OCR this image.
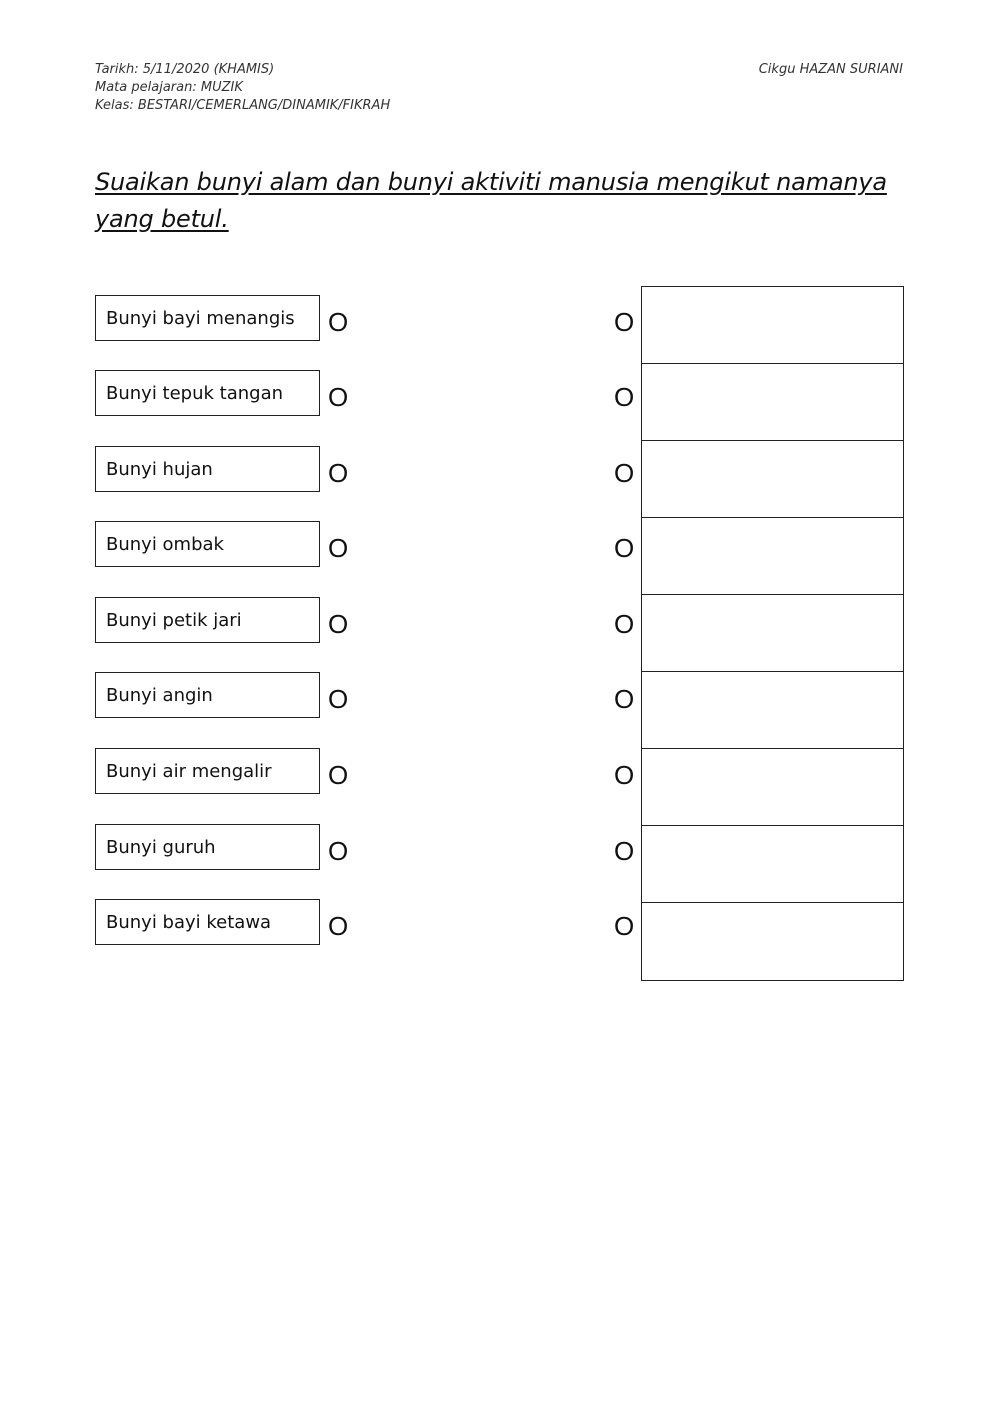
Tarikh: 5/11/2020 (KHAMIS)
Mata pelajaran: MUZIK
Kelas: BESTARI/CEMERLANG/DINAMIK/FIKRAH
Cikgu HAZAN SURIANI
Suaikan bunyi alam dan bunyi aktiviti manusia mengikut namanya yang betul.
Bunyi bayi menangis
Bunyi tepuk tangan
Bunyi hujan
Bunyi ombak
Bunyi petik jari
Bunyi angin
Bunyi air mengalir
Bunyi guruh
Bunyi bayi ketawa
O
O
O
O
O
O
O
O
O
O
O
O
O
O
O
O
O
O
